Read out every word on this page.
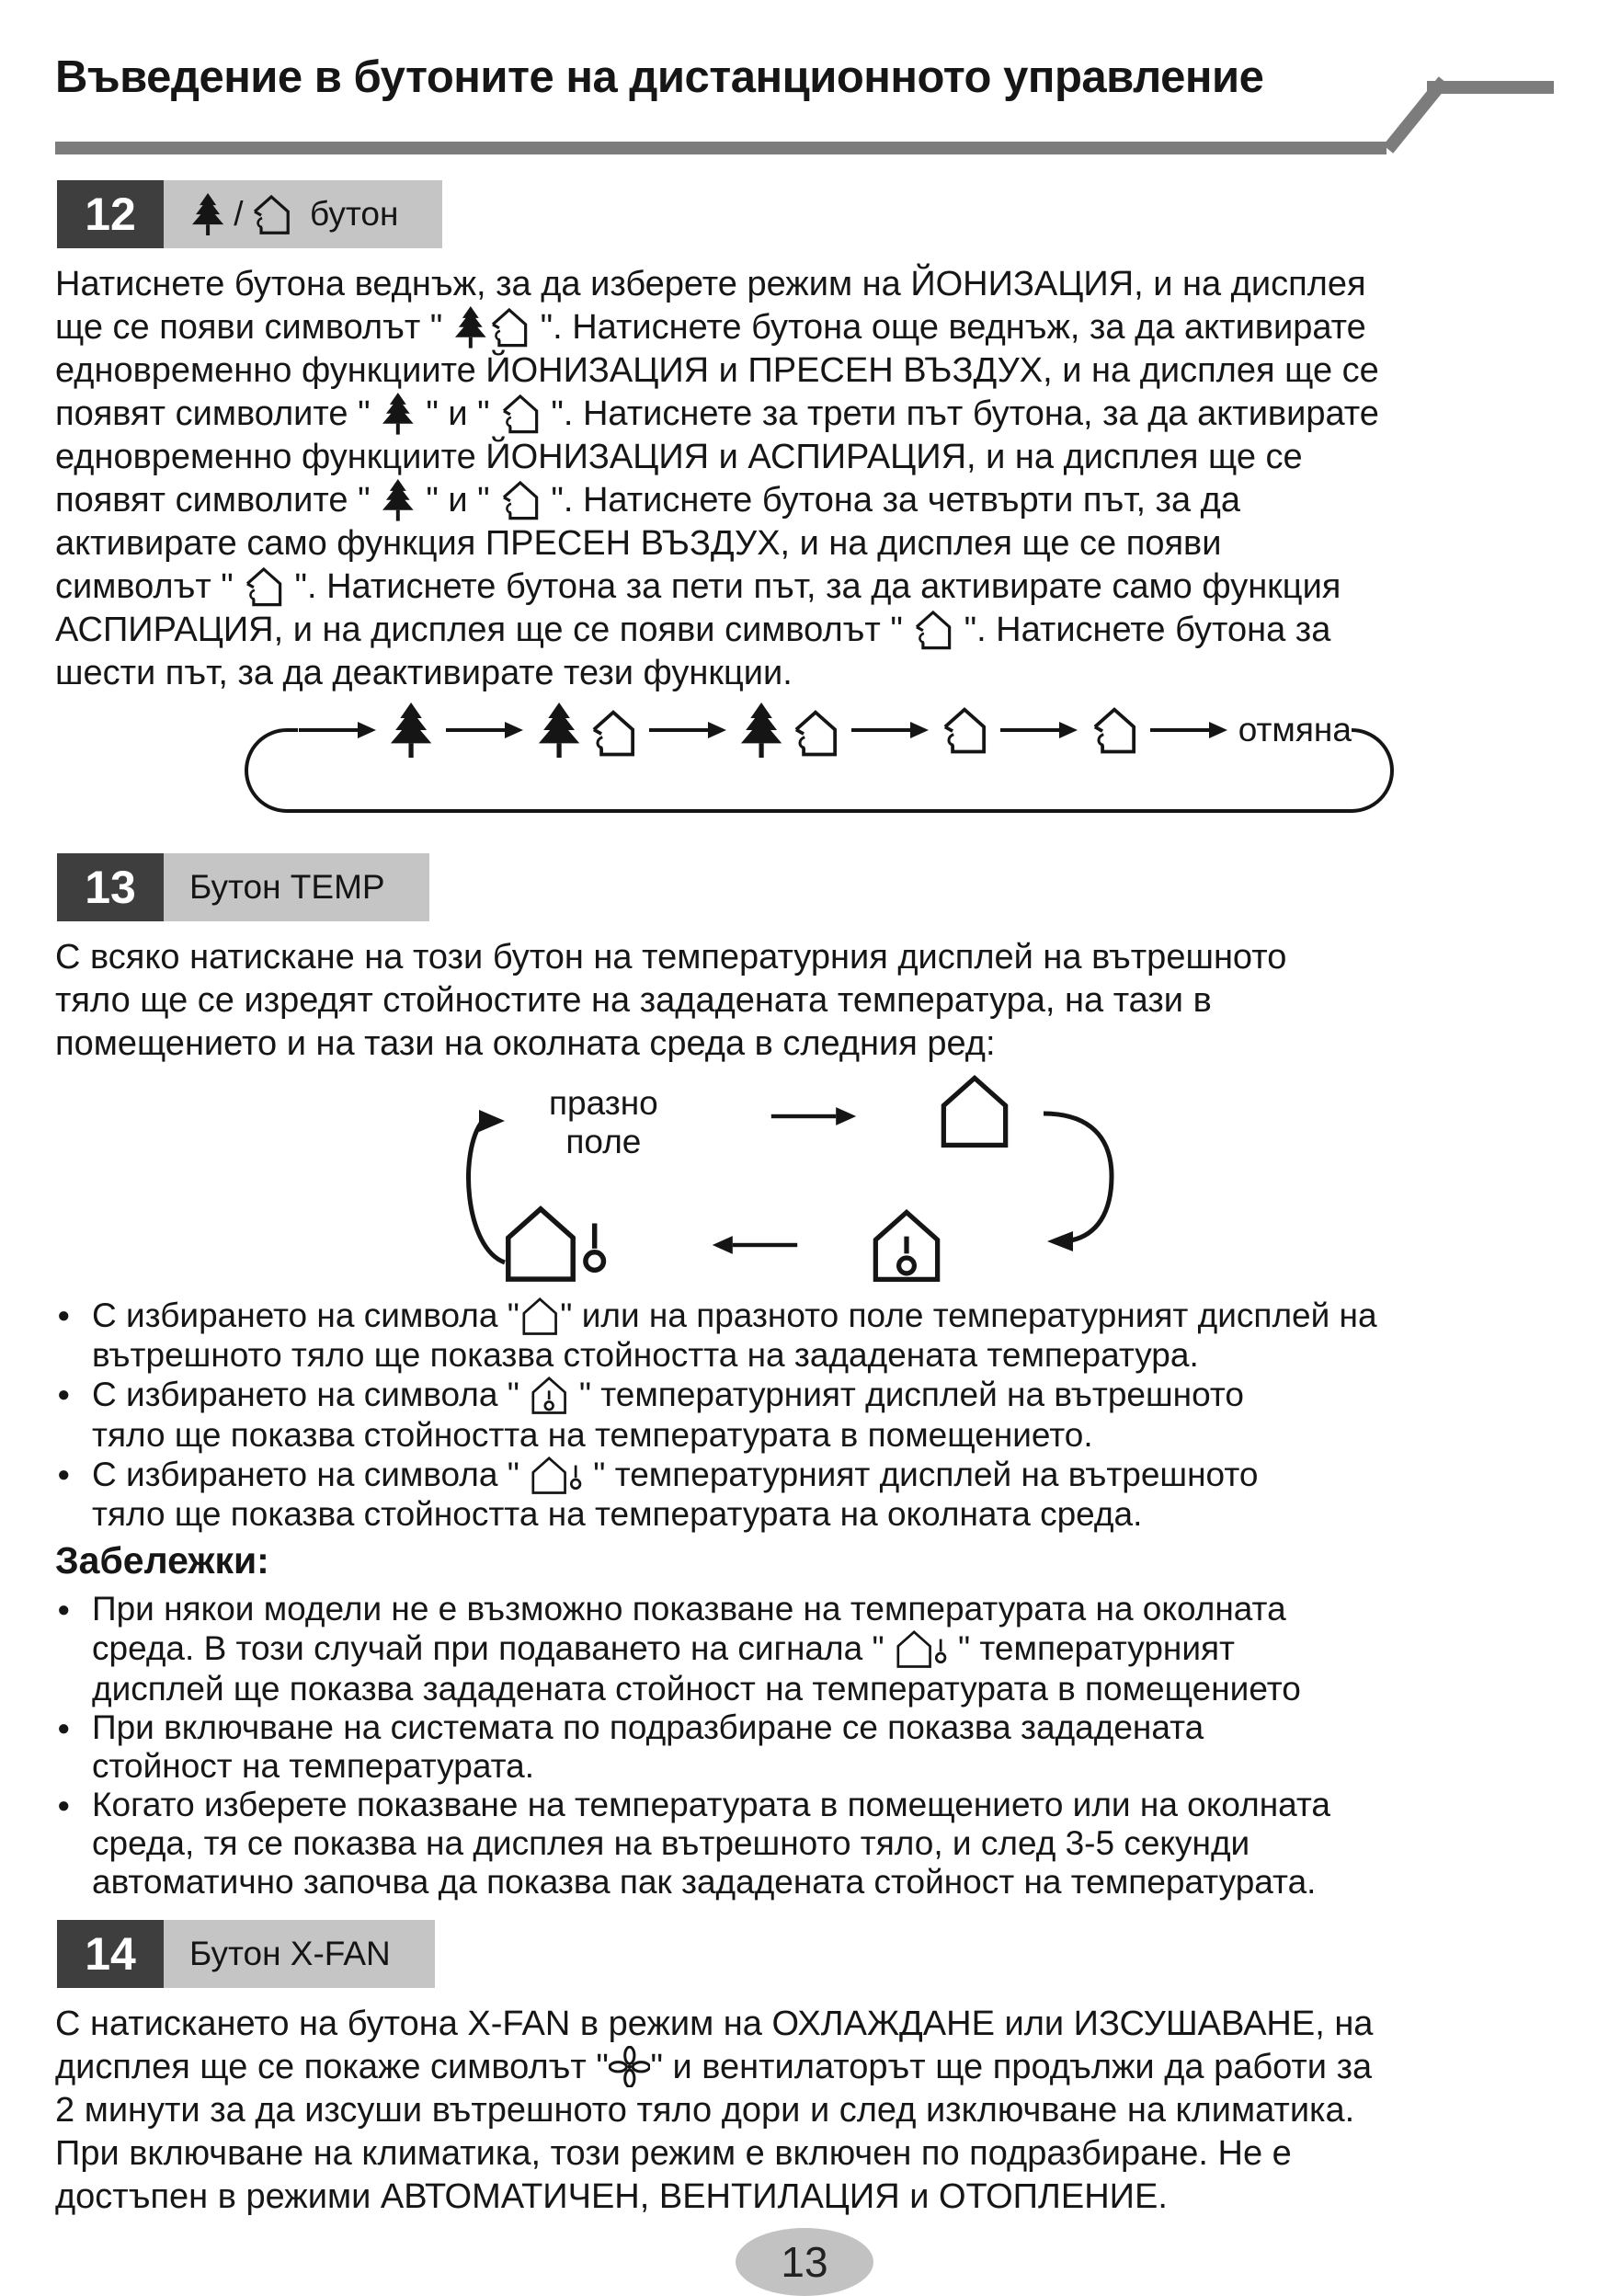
Въведение в бутоните на дистанционното управление
12	/
бутон
Натиснете бутона веднъж, за да изберете режим на ЙОНИЗАЦИЯ, и на дисплея
ще се появи символът "  ". Натиснете бутона още веднъж, за да активирате
едновременно функциите ЙОНИЗАЦИЯ и ПРЕСЕН ВЪЗДУХ, и на дисплея ще се
появят символите "  " и "  ". Натиснете за трети път бутона, за да активирате
едновременно функциите ЙОНИЗАЦИЯ и АСПИРАЦИЯ, и на дисплея ще се
появят символите "  " и "  ". Натиснете бутона за четвърти път, за да
активирате само функция ПРЕСЕН ВЪЗДУХ, и на дисплея ще се появи
символът "  ". Натиснете бутона за пети път, за да активирате само функция
АСПИРАЦИЯ, и на дисплея ще се появи символът "  ". Натиснете бутона за
шести път, за да деактивирате тези функции.
отмяна
13	Бутон TEMP
С всяко натискане на този бутон на температурния дисплей на вътрешното
тяло ще се изредят стойностите на зададената температура, на тази в
помещението и на тази на околната среда в следния ред:
празно
поле
● С избирането на символа " " или на празното поле температурният дисплей на
вътрешното тяло ще показва стойността на зададената температура.
● С избирането на символа "  " температурният дисплей на вътрешното
тяло ще показва стойността на температурата в помещението.
● С избирането на символа "  " температурният дисплей на вътрешното
тяло ще показва стойността на температурата на околната среда.
Забележки:
● При някои модели не е възможно показване на температурата на околната
среда. В този случай при подаването на сигнала "  " температурният
дисплей ще показва зададената стойност на температурата в помещението
● При включване на системата по подразбиране се показва зададената
стойност на температурата.
● Когато изберете показване на температурата в помещението или на околната
среда, тя се показва на дисплея на вътрешното тяло, и след 3-5 секунди
автоматично започва да показва пак зададената стойност на температурата.
14	Бутон X-FAN
С натискането на бутона X-FAN в режим на ОХЛАЖДАНЕ или ИЗСУШАВАНЕ, на
дисплея ще се покаже символът " " и вентилаторът ще продължи да работи за
2 минути за да изсуши вътрешното тяло дори и след изключване на климатика.
При включване на климатика, този режим е включен по подразбиране. Не е
достъпен в режими АВТОМАТИЧЕН, ВЕНТИЛАЦИЯ и ОТОПЛЕНИЕ.
13
